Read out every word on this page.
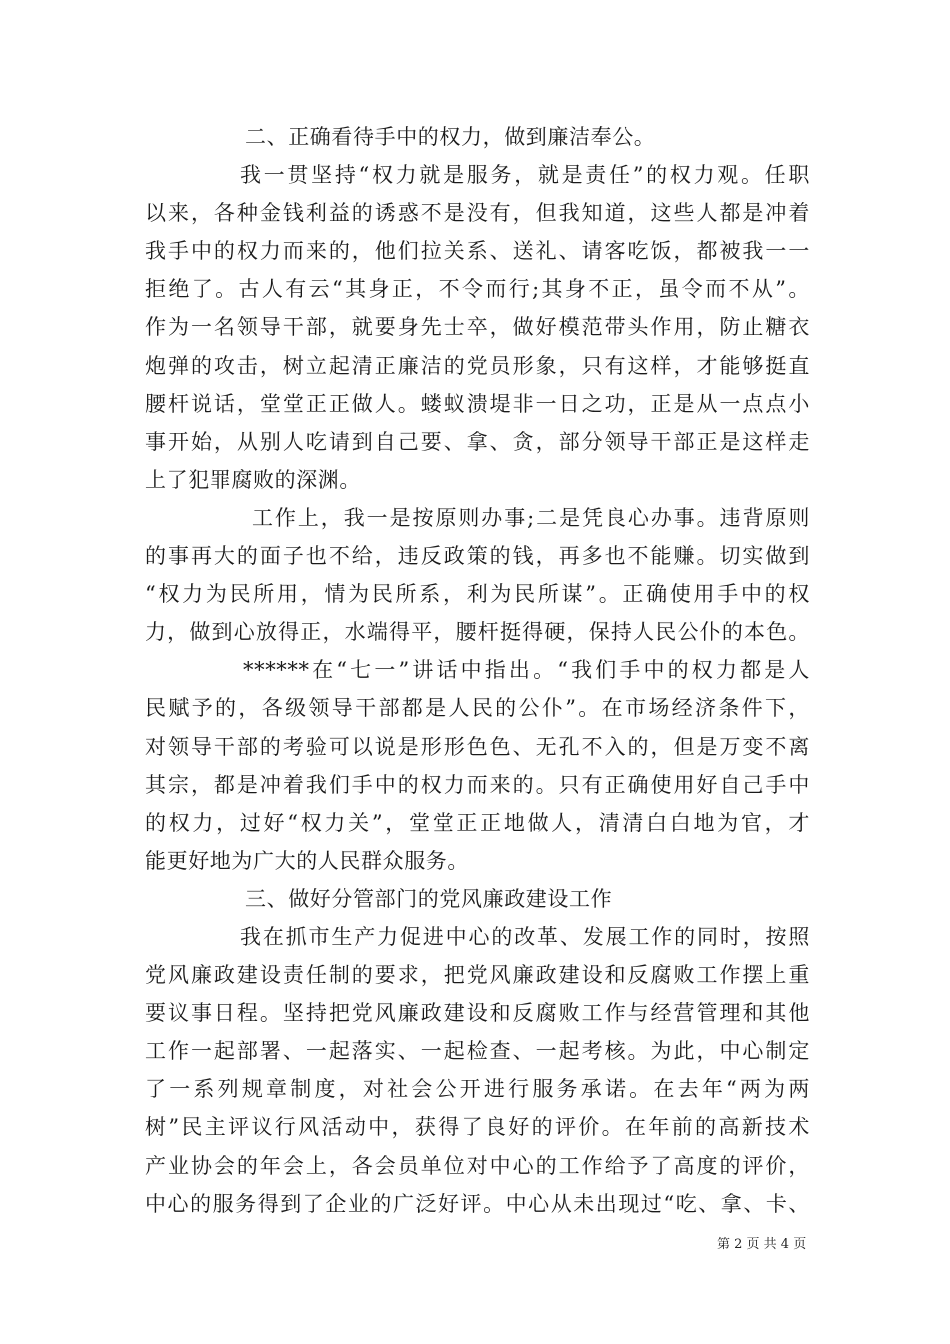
二、正确看待手中的权力，做到廉洁奉公。
我一贯坚持“权力就是服务，就是责任”的权力观。任职
以来，各种金钱利益的诱惑不是没有，但我知道，这些人都是冲着
我手中的权力而来的，他们拉关系、送礼、请客吃饭，都被我一一
拒绝了。古人有云“其身正，不令而行;其身不正，虽令而不从”。
作为一名领导干部，就要身先士卒，做好模范带头作用，防止糖衣
炮弹的攻击，树立起清正廉洁的党员形象，只有这样，才能够挺直
腰杆说话，堂堂正正做人。蝼蚁溃堤非一日之功，正是从一点点小
事开始，从别人吃请到自己要、拿、贪，部分领导干部正是这样走
上了犯罪腐败的深渊。
工作上，我一是按原则办事;二是凭良心办事。违背原则
的事再大的面子也不给，违反政策的钱，再多也不能赚。切实做到
“权力为民所用，情为民所系，利为民所谋”。正确使用手中的权
力，做到心放得正，水端得平，腰杆挺得硬，保持人民公仆的本色。
******在“七一”讲话中指出。“我们手中的权力都是人
民赋予的，各级领导干部都是人民的公仆”。在市场经济条件下，
对领导干部的考验可以说是形形色色、无孔不入的，但是万变不离
其宗，都是冲着我们手中的权力而来的。只有正确使用好自己手中
的权力，过好“权力关”，堂堂正正地做人，清清白白地为官，才
能更好地为广大的人民群众服务。
三、做好分管部门的党风廉政建设工作
我在抓市生产力促进中心的改革、发展工作的同时，按照
党风廉政建设责任制的要求，把党风廉政建设和反腐败工作摆上重
要议事日程。坚持把党风廉政建设和反腐败工作与经营管理和其他
工作一起部署、一起落实、一起检查、一起考核。为此，中心制定
了一系列规章制度，对社会公开进行服务承诺。在去年“两为两
树”民主评议行风活动中，获得了良好的评价。在年前的高新技术
产业协会的年会上，各会员单位对中心的工作给予了高度的评价，
中心的服务得到了企业的广泛好评。中心从未出现过“吃、拿、卡、
第 2 页 共 4 页
